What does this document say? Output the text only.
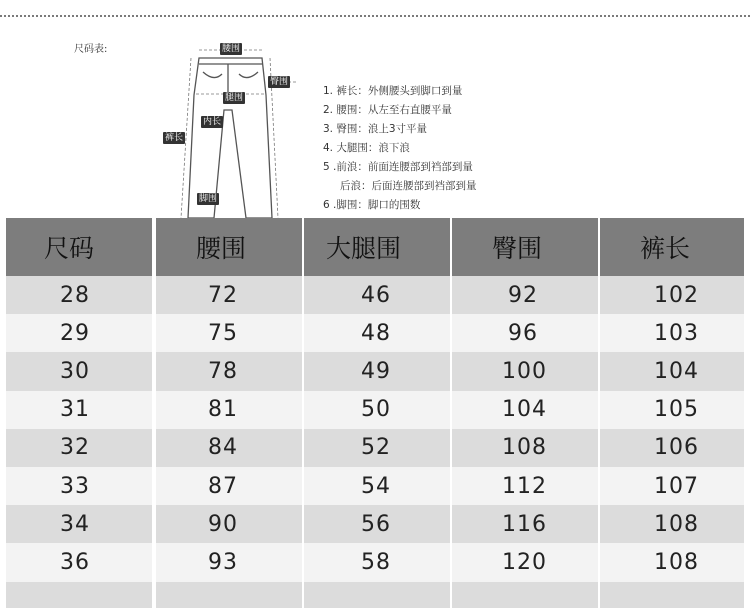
尺码表:	腰围
臀围
腿围
内长
裤长
脚围
1. 裤长：外侧腰头到脚口到量
2. 腰围：从左至右直腰平量
3. 臀围：浪上3寸平量
4. 大腿围：浪下浪
5 .前浪：前面连腰部到裆部到量
后浪：后面连腰部到裆部到量
6 .脚围：脚口的围数
尺码
28
29
30
31
32
33
34
36
腰围
72
75
78
81
84
87
90
93
大腿围
46
48
49
50
52
54
56
58
臀围
92
96
100
104
108
112
116
120
裤长
102
103
104
105
106
107
108
108
